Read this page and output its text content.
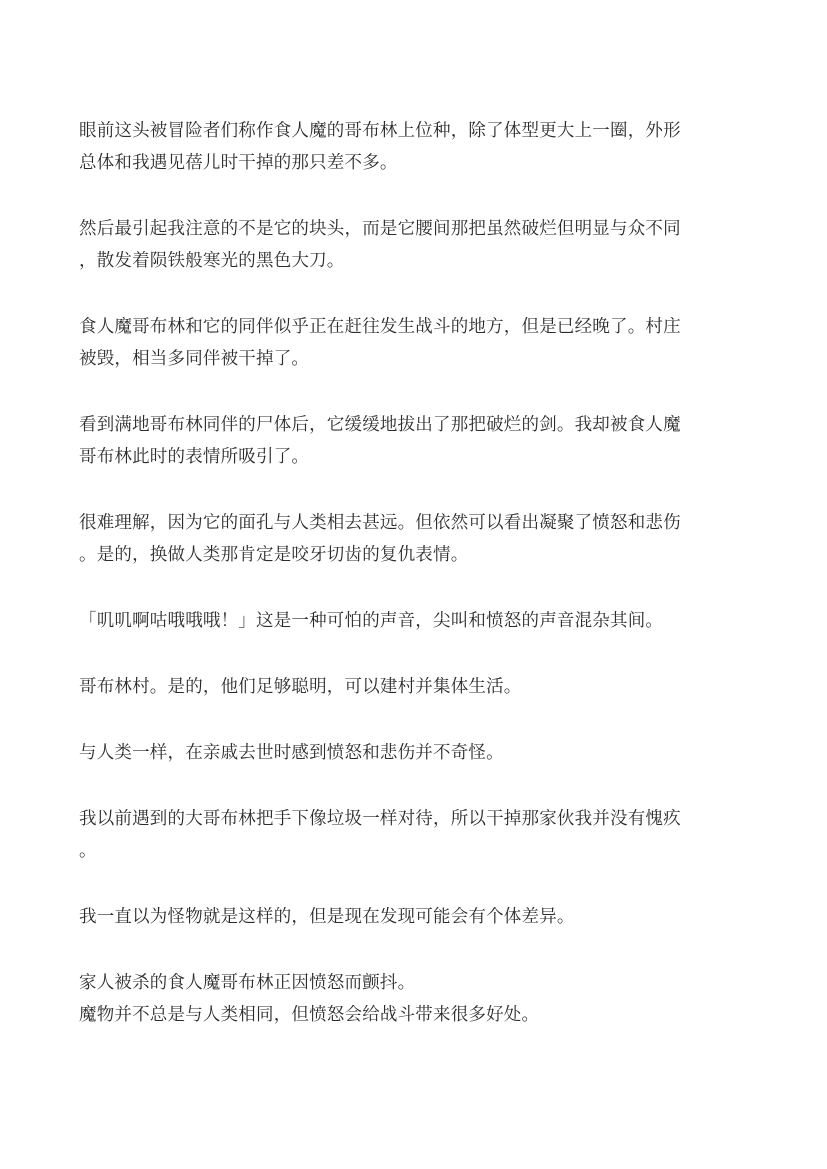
眼前这头被冒险者们称作食人魔的哥布林上位种，除了体型更大上一圈，外形
总体和我遇见蓓儿时干掉的那只差不多。

然后最引起我注意的不是它的块头，而是它腰间那把虽然破烂但明显与众不同
，散发着陨铁般寒光的黑色大刀。

食人魔哥布林和它的同伴似乎正在赶往发生战斗的地方，但是已经晚了。村庄
被毁，相当多同伴被干掉了。

看到满地哥布林同伴的尸体后，它缓缓地拔出了那把破烂的剑。我却被食人魔
哥布林此时的表情所吸引了。

很难理解，因为它的面孔与人类相去甚远。但依然可以看出凝聚了愤怒和悲伤
。是的，换做人类那肯定是咬牙切齿的复仇表情。

「叽叽啊咕哦哦哦！」这是一种可怕的声音，尖叫和愤怒的声音混杂其间。

哥布林村。是的，他们足够聪明，可以建村并集体生活。

与人类一样，在亲戚去世时感到愤怒和悲伤并不奇怪。

我以前遇到的大哥布林把手下像垃圾一样对待，所以干掉那家伙我并没有愧疚
。

我一直以为怪物就是这样的，但是现在发现可能会有个体差异。

家人被杀的食人魔哥布林正因愤怒而颤抖。
魔物并不总是与人类相同，但愤怒会给战斗带来很多好处。
